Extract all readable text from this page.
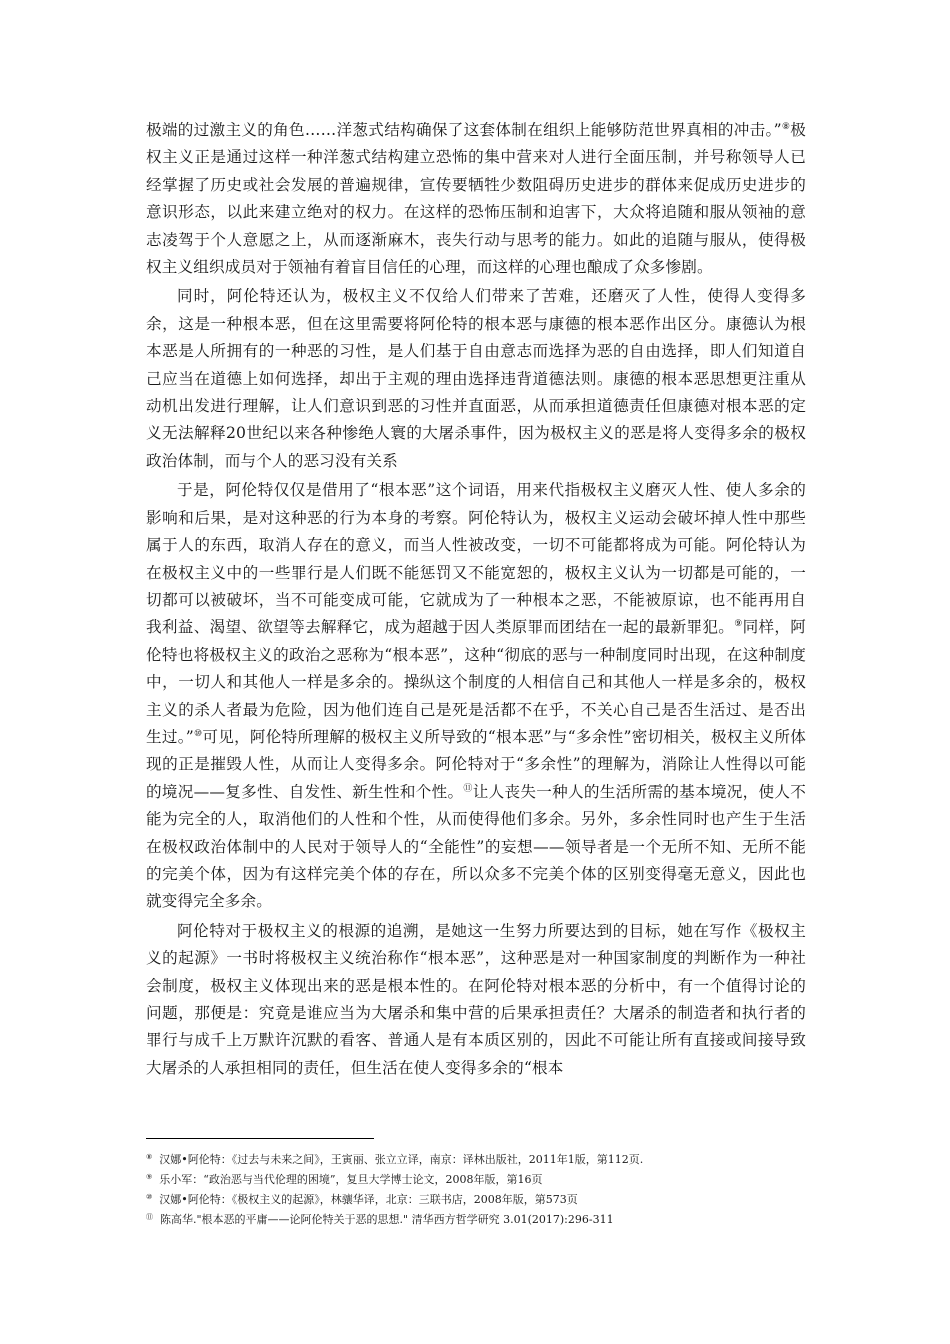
极端的过激主义的角色……洋葱式结构确保了这套体制在组织上能够防范世界真相的冲击。”⑧极权主义正是通过这样一种洋葱式结构建立恐怖的集中营来对人进行全面压制，并号称领导人已经掌握了历史或社会发展的普遍规律，宣传要牺牲少数阻碍历史进步的群体来促成历史进步的意识形态，以此来建立绝对的权力。在这样的恐怖压制和迫害下，大众将追随和服从领袖的意志凌驾于个人意愿之上，从而逐渐麻木，丧失行动与思考的能力。如此的追随与服从，使得极权主义组织成员对于领袖有着盲目信任的心理，而这样的心理也酿成了众多惨剧。

同时，阿伦特还认为，极权主义不仅给人们带来了苦难，还磨灭了人性，使得人变得多余，这是一种根本恶，但在这里需要将阿伦特的根本恶与康德的根本恶作出区分。康德认为根本恶是人所拥有的一种恶的习性，是人们基于自由意志而选择为恶的自由选择，即人们知道自己应当在道德上如何选择，却出于主观的理由选择违背道德法则。康德的根本恶思想更注重从动机出发进行理解，让人们意识到恶的习性并直面恶，从而承担道德责任但康德对根本恶的定义无法解释20世纪以来各种惨绝人寰的大屠杀事件，因为极权主义的恶是将人变得多余的极权政治体制，而与个人的恶习没有关系

于是，阿伦特仅仅是借用了“根本恶”这个词语，用来代指极权主义磨灭人性、使人多余的影响和后果，是对这种恶的行为本身的考察。阿伦特认为，极权主义运动会破坏掉人性中那些属于人的东西，取消人存在的意义，而当人性被改变，一切不可能都将成为可能。阿伦特认为在极权主义中的一些罪行是人们既不能惩罚又不能宽恕的，极权主义认为一切都是可能的，一切都可以被破坏，当不可能变成可能，它就成为了一种根本之恶，不能被原谅，也不能再用自我利益、渴望、欲望等去解释它，成为超越于因人类原罪而团结在一起的最新罪犯。⑨同样，阿伦特也将极权主义的政治之恶称为“根本恶”，这种“彻底的恶与一种制度同时出现，在这种制度中，一切人和其他人一样是多余的。操纵这个制度的人相信自己和其他人一样是多余的，极权主义的杀人者最为危险，因为他们连自己是死是活都不在乎，不关心自己是否生活过、是否出生过。”⑩可见，阿伦特所理解的极权主义所导致的“根本恶”与“多余性”密切相关，极权主义所体现的正是摧毁人性，从而让人变得多余。阿伦特对于“多余性”的理解为，消除让人性得以可能的境况——复多性、自发性、新生性和个性。⑪让人丧失一种人的生活所需的基本境况，使人不能为完全的人，取消他们的人性和个性，从而使得他们多余。另外，多余性同时也产生于生活在极权政治体制中的人民对于领导人的“全能性”的妄想——领导者是一个无所不知、无所不能的完美个体，因为有这样完美个体的存在，所以众多不完美个体的区别变得毫无意义，因此也就变得完全多余。

阿伦特对于极权主义的根源的追溯，是她这一生努力所要达到的目标，她在写作《极权主义的起源》一书时将极权主义统治称作“根本恶”，这种恶是对一种国家制度的判断作为一种社会制度，极权主义体现出来的恶是根本性的。在阿伦特对根本恶的分析中，有一个值得讨论的问题，那便是：究竟是谁应当为大屠杀和集中营的后果承担责任？大屠杀的制造者和执行者的罪行与成千上万默许沉默的看客、普通人是有本质区别的，因此不可能让所有直接或间接导致大屠杀的人承担相同的责任，但生活在使人变得多余的“根本

⑧ 汉娜•阿伦特：《过去与未来之间》，王寅丽、张立立译，南京：译林出版社，2011年1版，第112页.
⑨ 乐小军：“政治恶与当代伦理的困境”，复旦大学博士论文，2008年版，第16页
⑩ 汉娜•阿伦特：《极权主义的起源》，林骧华译，北京：三联书店，2008年版，第573页
⑪ 陈高华."根本恶的平庸——论阿伦特关于恶的思想." 清华西方哲学研究 3.01(2017):296-311
